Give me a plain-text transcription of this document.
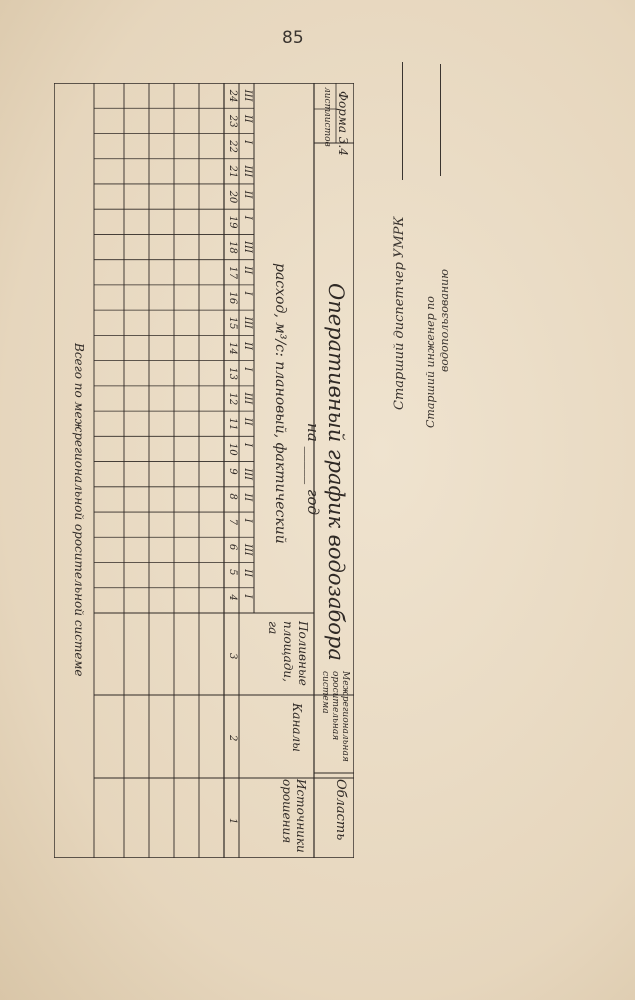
85
Область
Межрегиональная оросительная система
Оперативный график водозабора
на _____ год
Форма 3.4
листов
лист
Источники орошения
Каналы
Поливные площади, га
расход, м³/с: плановый, фактический
1
2
3
I
II
III
I
II
III
I
II
III
I
II
III
I
II
III
I
II
III
I
II
III
4
5
6
7
8
9
10
11
12
13
14
15
16
17
18
19
20
21
22
23
24
Всего по межрегиональной оросительной системе
Старший диспетчер УМРК Старший инженер по водопользованию
